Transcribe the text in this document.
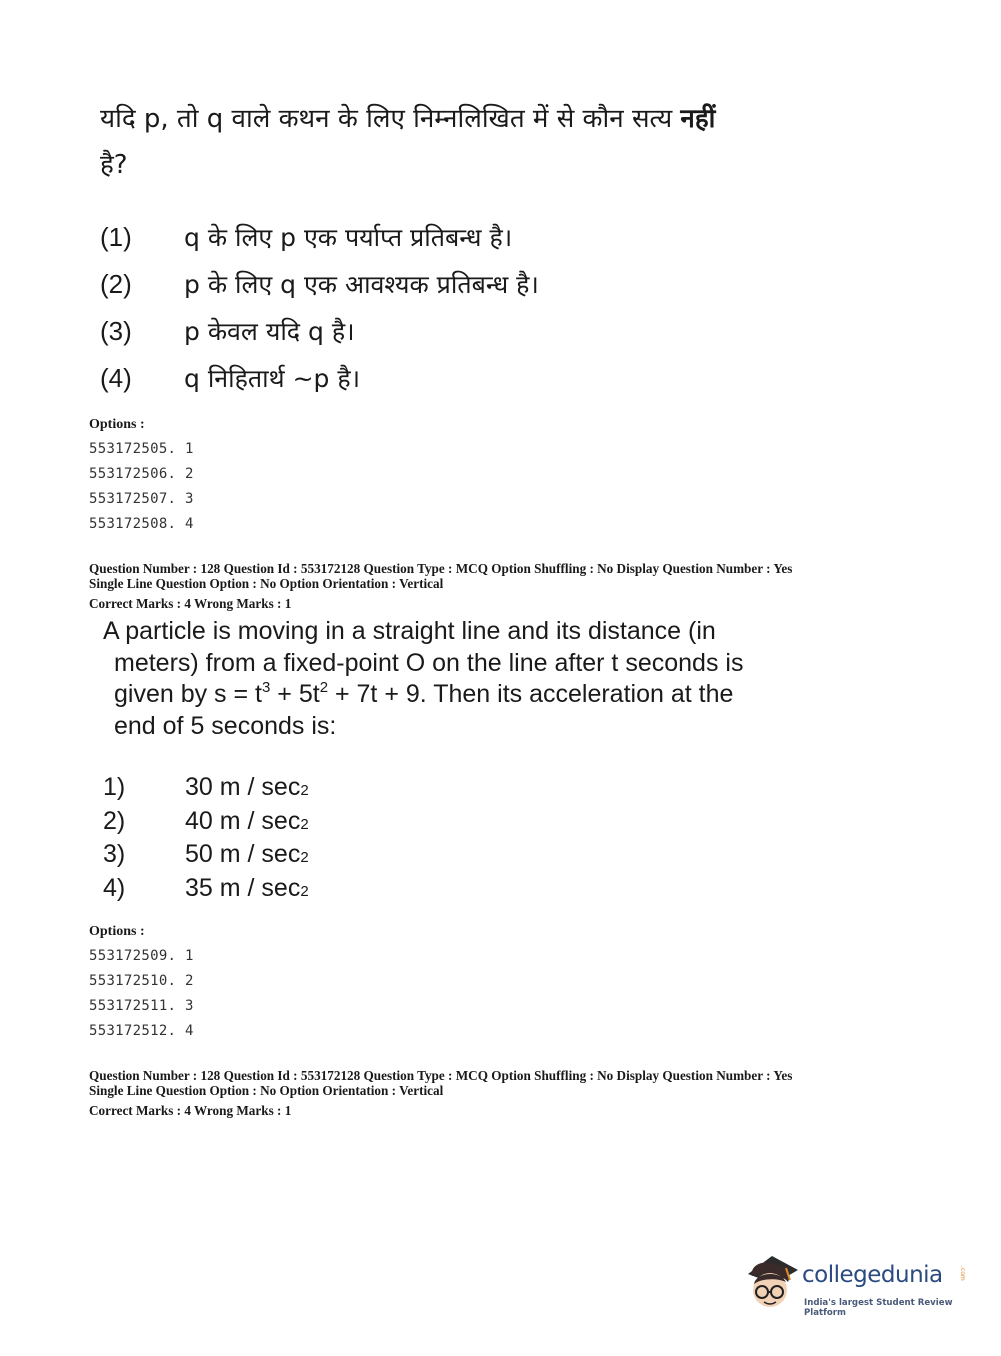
यदि p, तो q वाले कथन के लिए निम्नलिखित में से कौन सत्य नहीं
है?
(1)	q के लिए p एक पर्याप्त प्रतिबन्ध है।
(2)	p के लिए q एक आवश्यक प्रतिबन्ध है।
(3)	p केवल यदि q है।
(4)	q निहितार्थ ~p है।
Options :
553172505. 1
553172506. 2
553172507. 3
553172508. 4
Question Number : 128 Question Id : 553172128 Question Type : MCQ Option Shuffling : No Display Question Number : Yes
Single Line Question Option : No Option Orientation : Vertical
Correct Marks : 4 Wrong Marks : 1
A particle is moving in a straight line and its distance (in
meters) from a fixed-point O on the line after t seconds is
given by $s = t^3 + 5t^2 + 7t + 9$. Then its acceleration at the
end of 5 seconds is:
1)	30 m / sec 2
2)	40 m / sec 2
3)	50 m / sec 2
4)	35 m / sec 2
Options :
553172509. 1
553172510. 2
553172511. 3
553172512. 4
Question Number : 128 Question Id : 553172128 Question Type : MCQ Option Shuffling : No Display Question Number : Yes
Single Line Question Option : No Option Orientation : Vertical
Correct Marks : 4 Wrong Marks : 1
collegedunia	.com
India's largest Student Review Platform
